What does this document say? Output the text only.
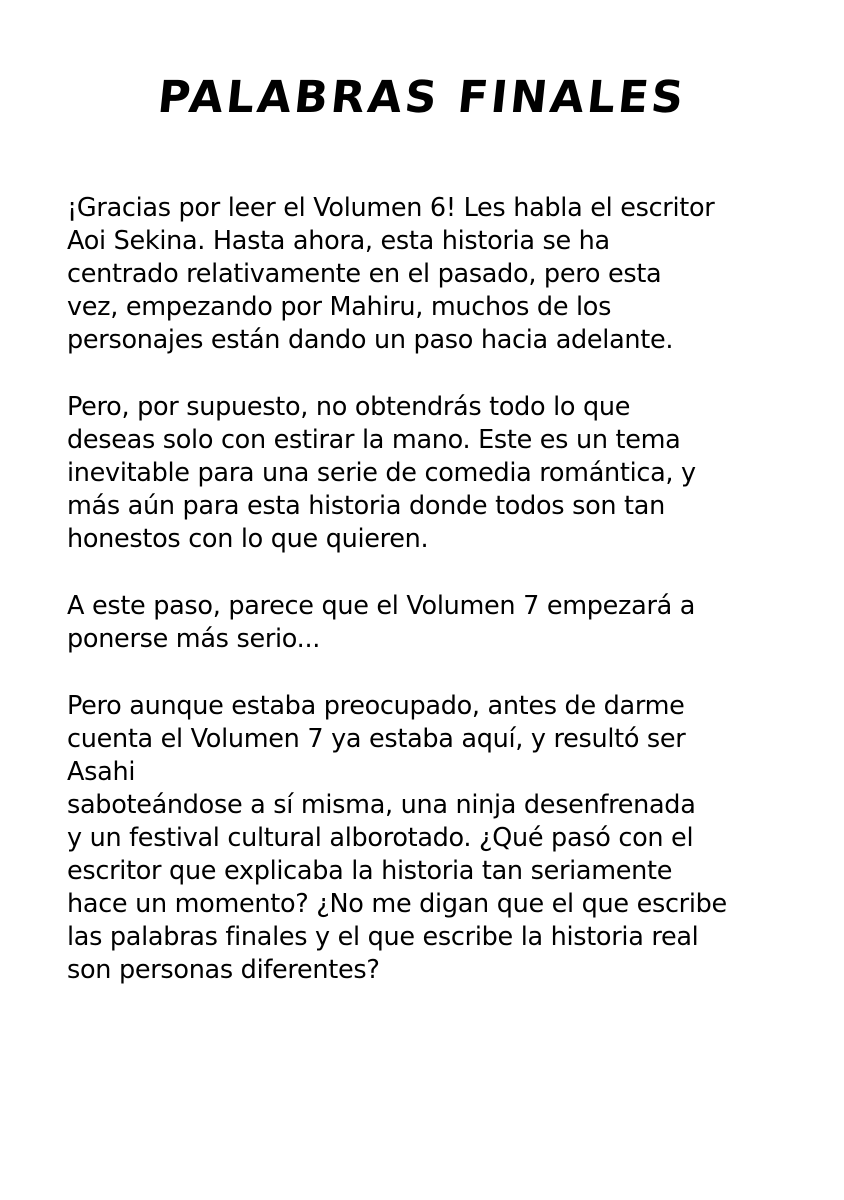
PALABRAS FINALES

¡Gracias por leer el Volumen 6! Les habla el escritor
Aoi Sekina. Hasta ahora, esta historia se ha
centrado relativamente en el pasado, pero esta
vez, empezando por Mahiru, muchos de los
personajes están dando un paso hacia adelante.

Pero, por supuesto, no obtendrás todo lo que
deseas solo con estirar la mano. Este es un tema
inevitable para una serie de comedia romántica, y
más aún para esta historia donde todos son tan
honestos con lo que quieren.

A este paso, parece que el Volumen 7 empezará a
ponerse más serio...

Pero aunque estaba preocupado, antes de darme
cuenta el Volumen 7 ya estaba aquí, y resultó ser
Asahi
saboteándose a sí misma, una ninja desenfrenada
y un festival cultural alborotado. ¿Qué pasó con el
escritor que explicaba la historia tan seriamente
hace un momento? ¿No me digan que el que escribe
las palabras finales y el que escribe la historia real
son personas diferentes?
